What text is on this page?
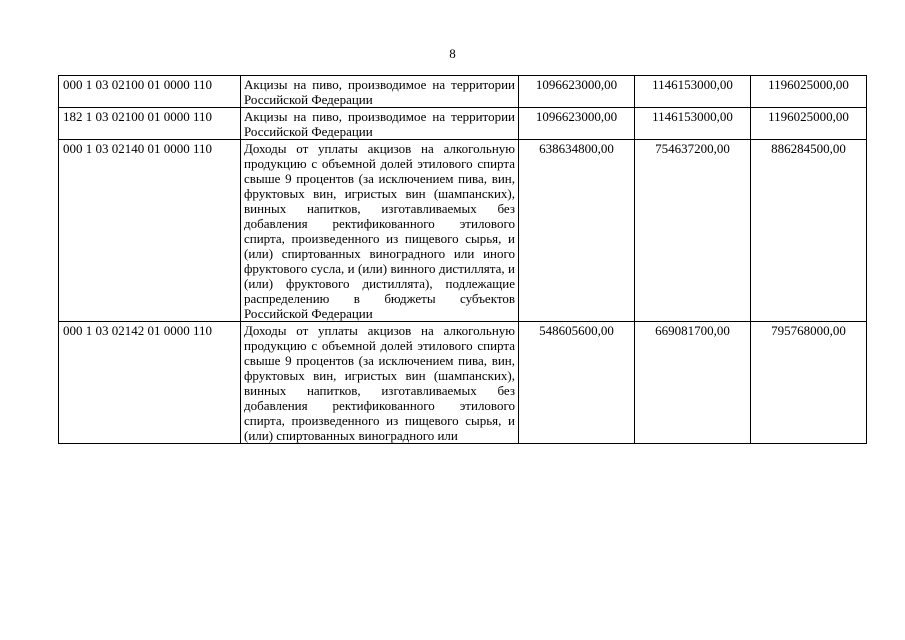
8
000 1 03 02100 01 0000 110	Акцизы на пиво, производимое на территории Российской Федерации	1096623000,00	1146153000,00	1196025000,00
182 1 03 02100 01 0000 110	Акцизы на пиво, производимое на территории Российской Федерации	1096623000,00	1146153000,00	1196025000,00
000 1 03 02140 01 0000 110	Доходы от уплаты акцизов на алкогольную продукцию с объемной долей этилового спирта свыше 9 процентов (за исключением пива, вин, фруктовых вин, игристых вин (шампанских), винных напитков, изготавливаемых без добавления ректификованного этилового спирта, произведенного из пищевого сырья, и (или) спиртованных виноградного или иного фруктового сусла, и (или) винного дистиллята, и (или) фруктового дистиллята), подлежащие распределению в бюджеты субъектов Российской Федерации	638634800,00	754637200,00	886284500,00
000 1 03 02142 01 0000 110	Доходы от уплаты акцизов на алкогольную продукцию с объемной долей этилового спирта свыше 9 процентов (за исключением пива, вин, фруктовых вин, игристых вин (шампанских), винных напитков, изготавливаемых без добавления ректификованного этилового спирта, произведенного из пищевого сырья, и (или) спиртованных виноградного или	548605600,00	669081700,00	795768000,00
